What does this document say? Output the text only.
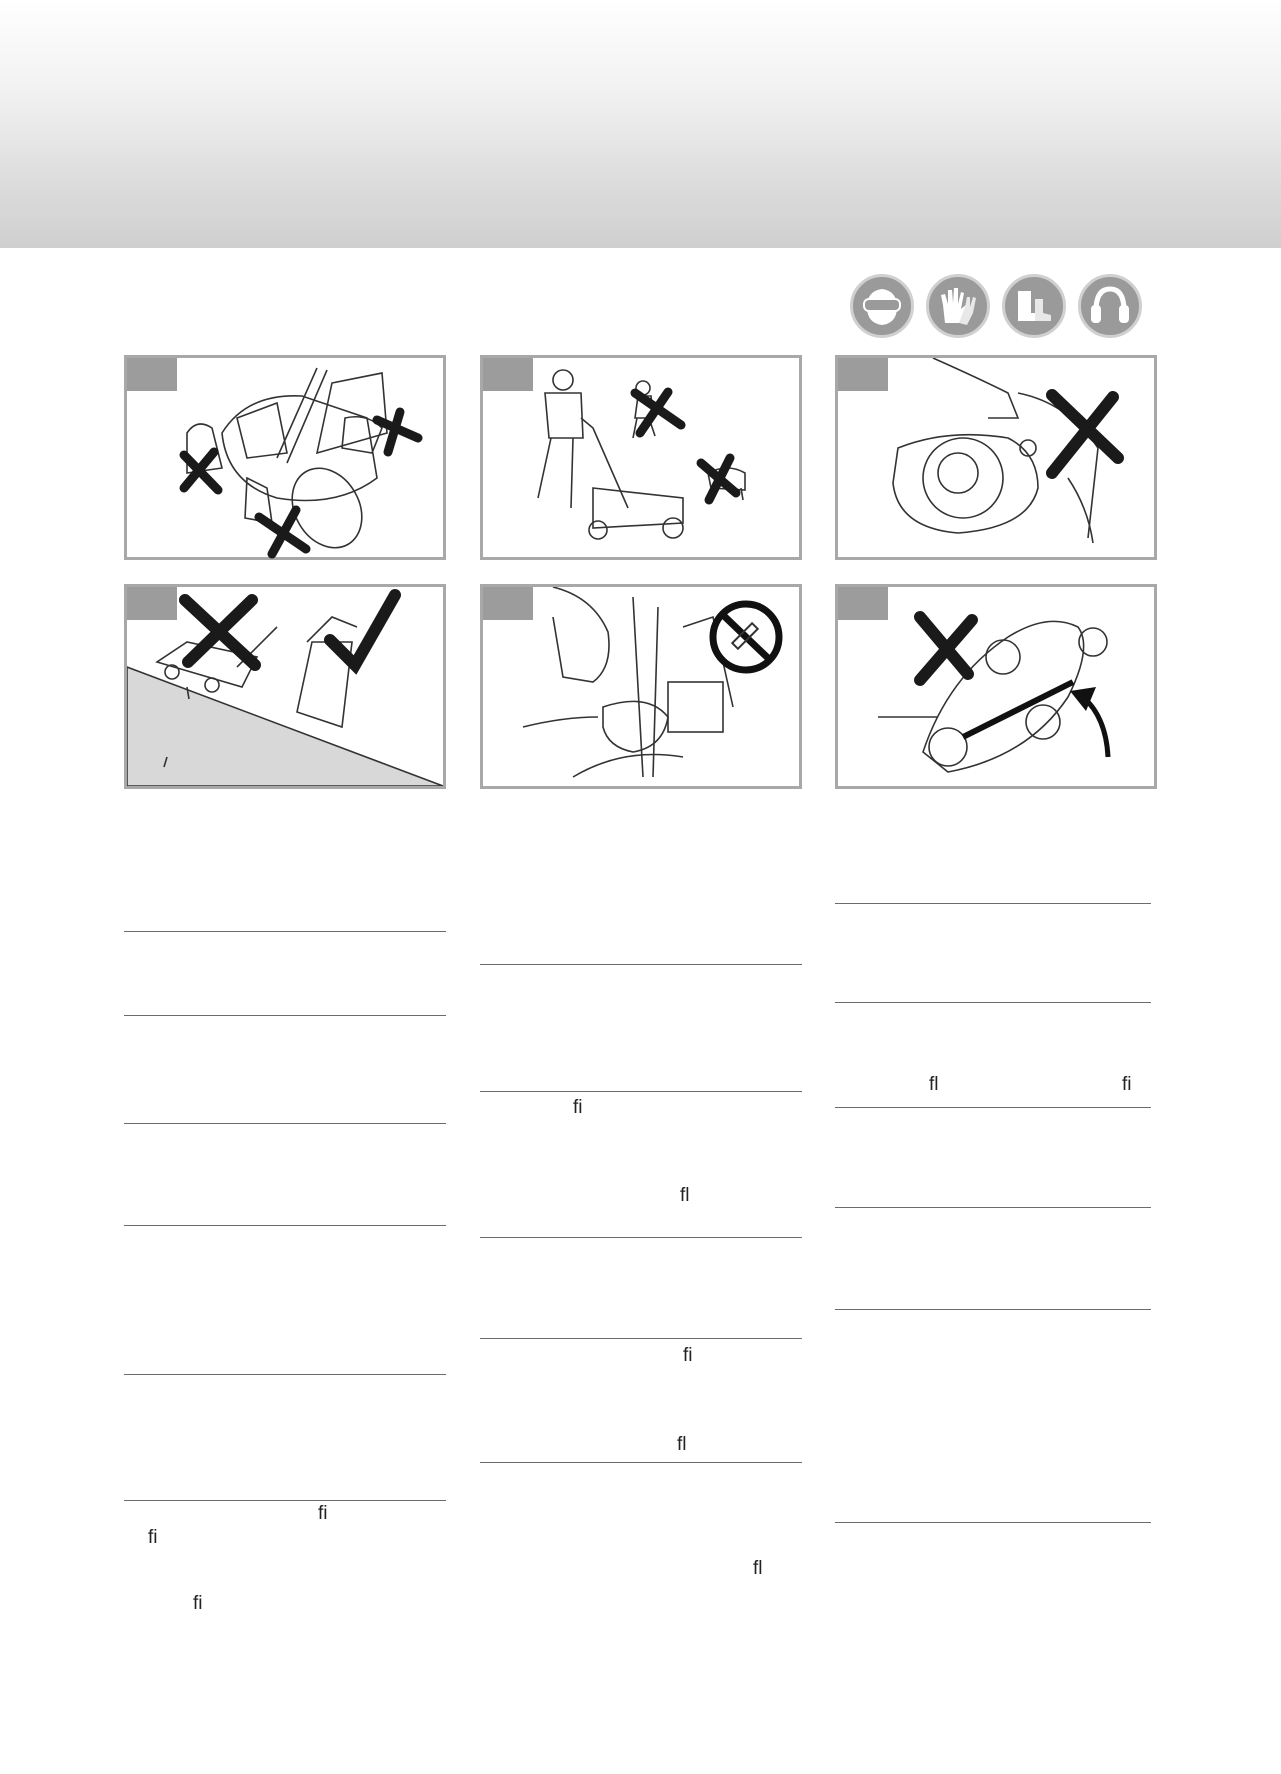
ﬁ
ﬁ
ﬁ
ﬁ
ﬂ
ﬁ
ﬂ
ﬂ
ﬂ	ﬁ
